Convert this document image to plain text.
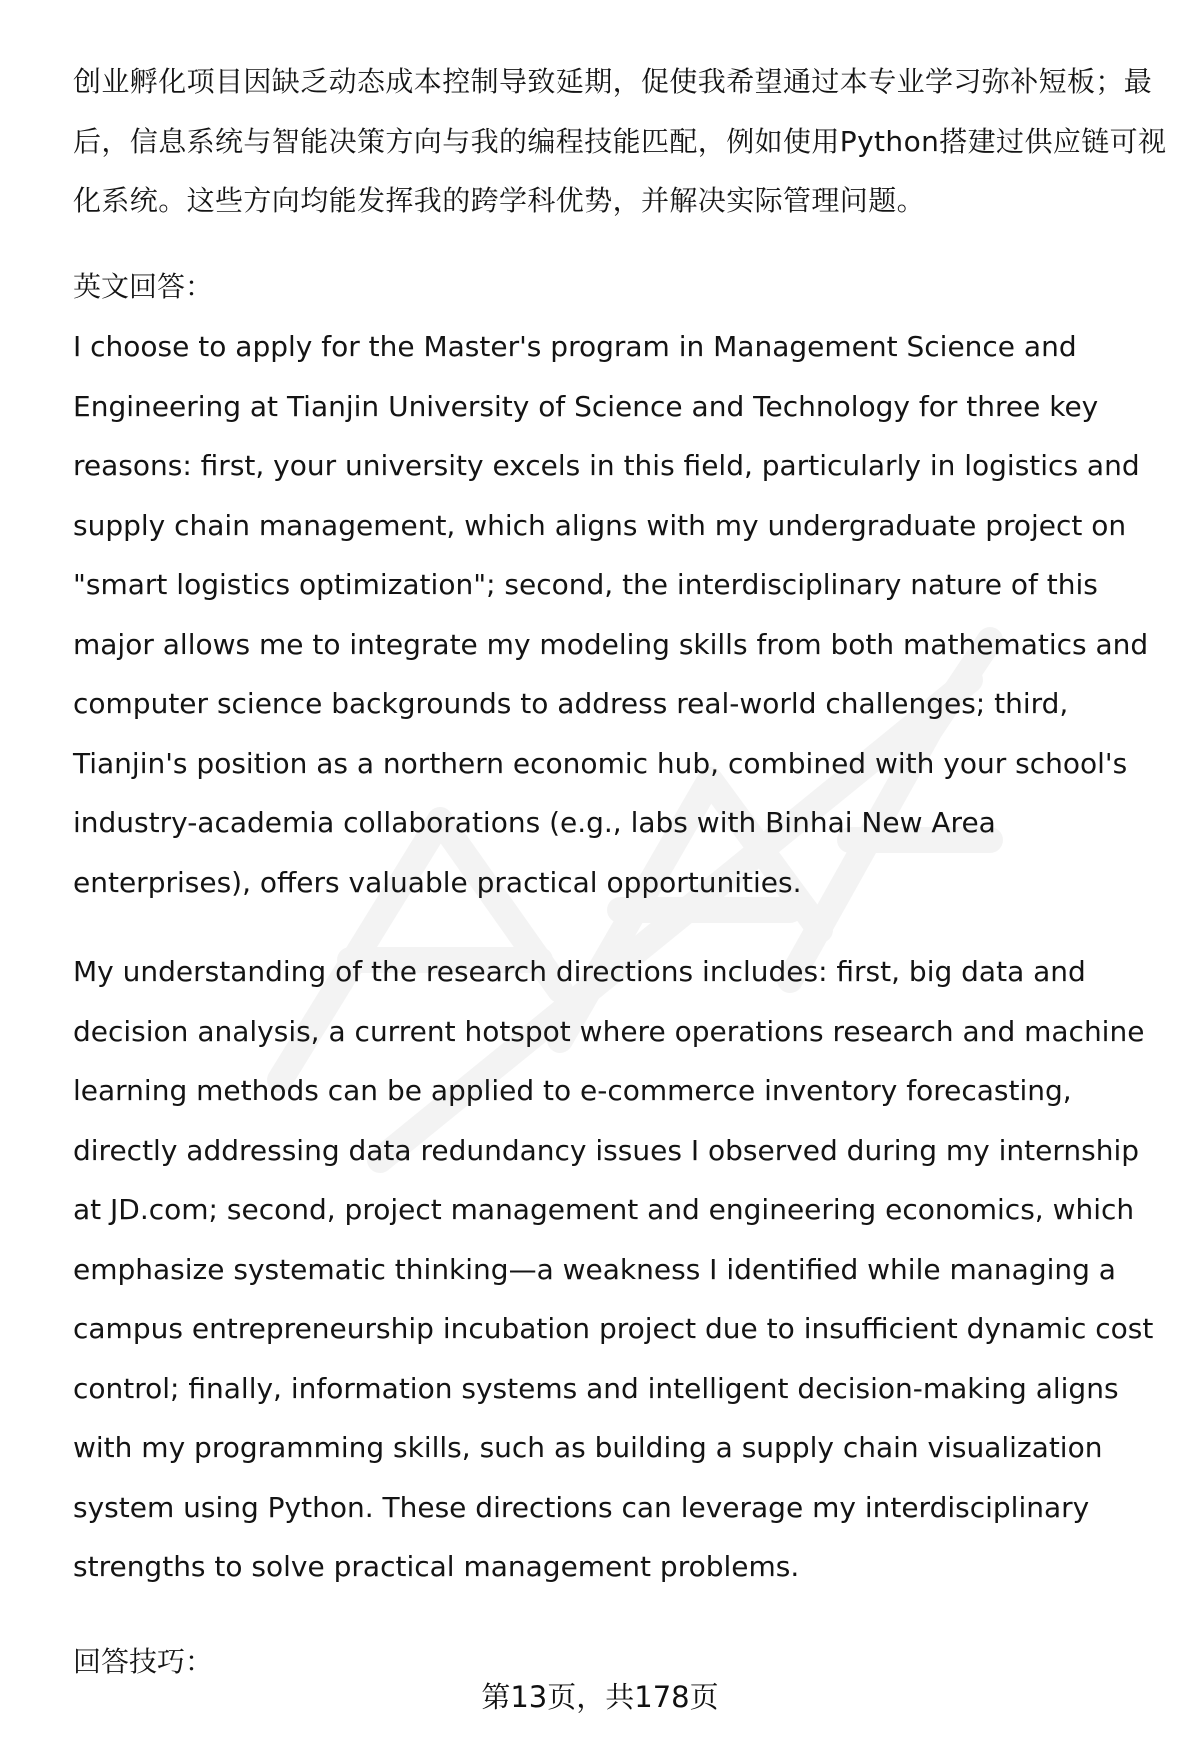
创业孵化项目因缺乏动态成本控制导致延期，促使我希望通过本专业学习弥补短板；最后，信息系统与智能决策方向与我的编程技能匹配，例如使用Python搭建过供应链可视化系统。这些方向均能发挥我的跨学科优势，并解决实际管理问题。

英文回答：

I choose to apply for the Master's program in Management Science and Engineering at Tianjin University of Science and Technology for three key reasons: first, your university excels in this field, particularly in logistics and supply chain management, which aligns with my undergraduate project on "smart logistics optimization"; second, the interdisciplinary nature of this major allows me to integrate my modeling skills from both mathematics and computer science backgrounds to address real-world challenges; third, Tianjin's position as a northern economic hub, combined with your school's industry-academia collaborations (e.g., labs with Binhai New Area enterprises), offers valuable practical opportunities.

My understanding of the research directions includes: first, big data and decision analysis, a current hotspot where operations research and machine learning methods can be applied to e-commerce inventory forecasting, directly addressing data redundancy issues I observed during my internship at JD.com; second, project management and engineering economics, which emphasize systematic thinking—a weakness I identified while managing a campus entrepreneurship incubation project due to insufficient dynamic cost control; finally, information systems and intelligent decision-making aligns with my programming skills, such as building a supply chain visualization system using Python. These directions can leverage my interdisciplinary strengths to solve practical management problems.

回答技巧：

第13页，共178页
